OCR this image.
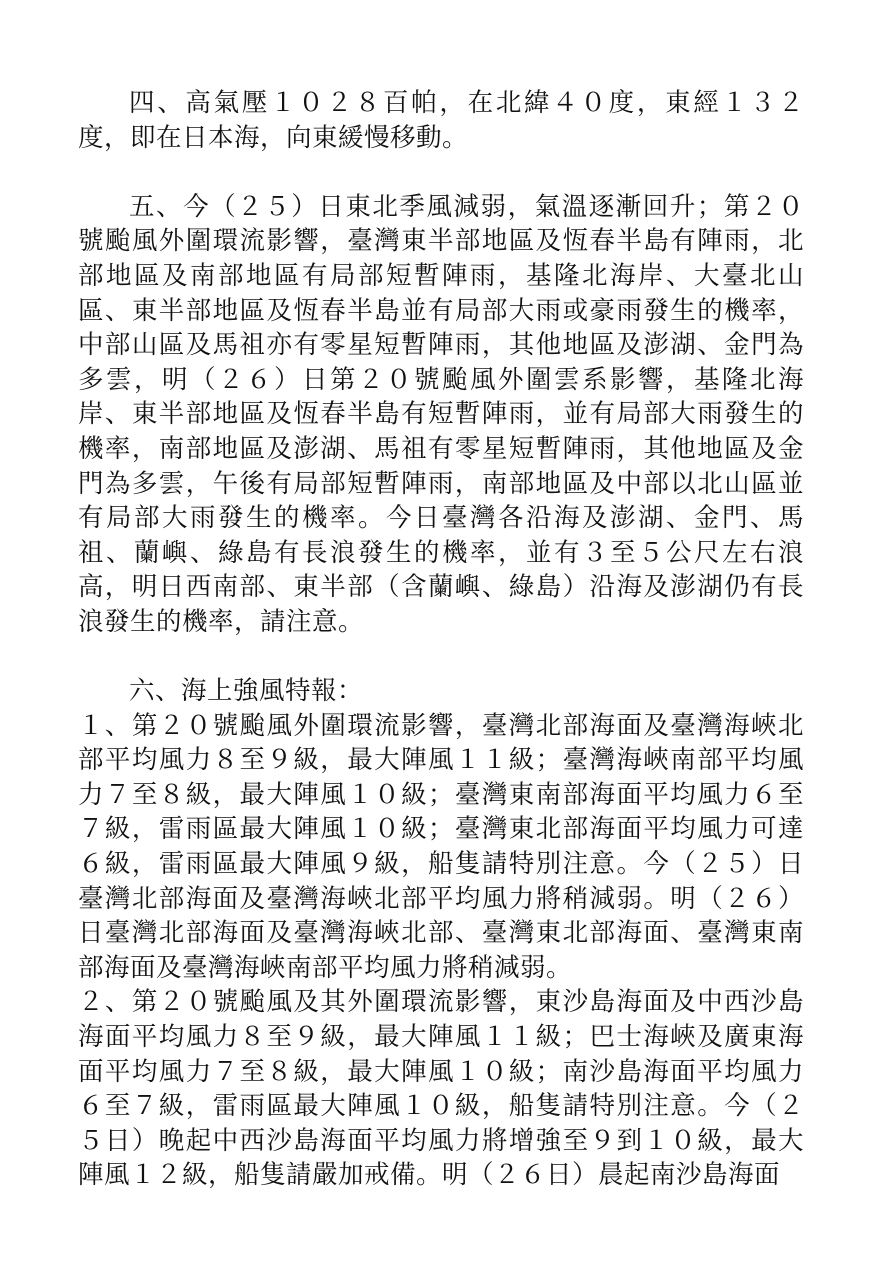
四、高氣壓１０２８百帕，在北緯４０度，東經１３２度，即在日本海，向東緩慢移動。

五、今（２５）日東北季風減弱，氣溫逐漸回升；第２０號颱風外圍環流影響，臺灣東半部地區及恆春半島有陣雨，北部地區及南部地區有局部短暫陣雨，基隆北海岸、大臺北山區、東半部地區及恆春半島並有局部大雨或豪雨發生的機率，中部山區及馬祖亦有零星短暫陣雨，其他地區及澎湖、金門為多雲，明（２６）日第２０號颱風外圍雲系影響，基隆北海岸、東半部地區及恆春半島有短暫陣雨，並有局部大雨發生的機率，南部地區及澎湖、馬祖有零星短暫陣雨，其他地區及金門為多雲，午後有局部短暫陣雨，南部地區及中部以北山區並有局部大雨發生的機率。今日臺灣各沿海及澎湖、金門、馬祖、蘭嶼、綠島有長浪發生的機率，並有３至５公尺左右浪高，明日西南部、東半部（含蘭嶼、綠島）沿海及澎湖仍有長浪發生的機率，請注意。

六、海上強風特報：

１、第２０號颱風外圍環流影響，臺灣北部海面及臺灣海峽北部平均風力８至９級，最大陣風１１級；臺灣海峽南部平均風力７至８級，最大陣風１０級；臺灣東南部海面平均風力６至７級，雷雨區最大陣風１０級；臺灣東北部海面平均風力可達６級，雷雨區最大陣風９級，船隻請特別注意。今（２５）日臺灣北部海面及臺灣海峽北部平均風力將稍減弱。明（２６）日臺灣北部海面及臺灣海峽北部、臺灣東北部海面、臺灣東南部海面及臺灣海峽南部平均風力將稍減弱。

２、第２０號颱風及其外圍環流影響，東沙島海面及中西沙島海面平均風力８至９級，最大陣風１１級；巴士海峽及廣東海面平均風力７至８級，最大陣風１０級；南沙島海面平均風力６至７級，雷雨區最大陣風１０級，船隻請特別注意。今（２５日）晚起中西沙島海面平均風力將增強至９到１０級，最大陣風１２級，船隻請嚴加戒備。明（２６日）晨起南沙島海面
